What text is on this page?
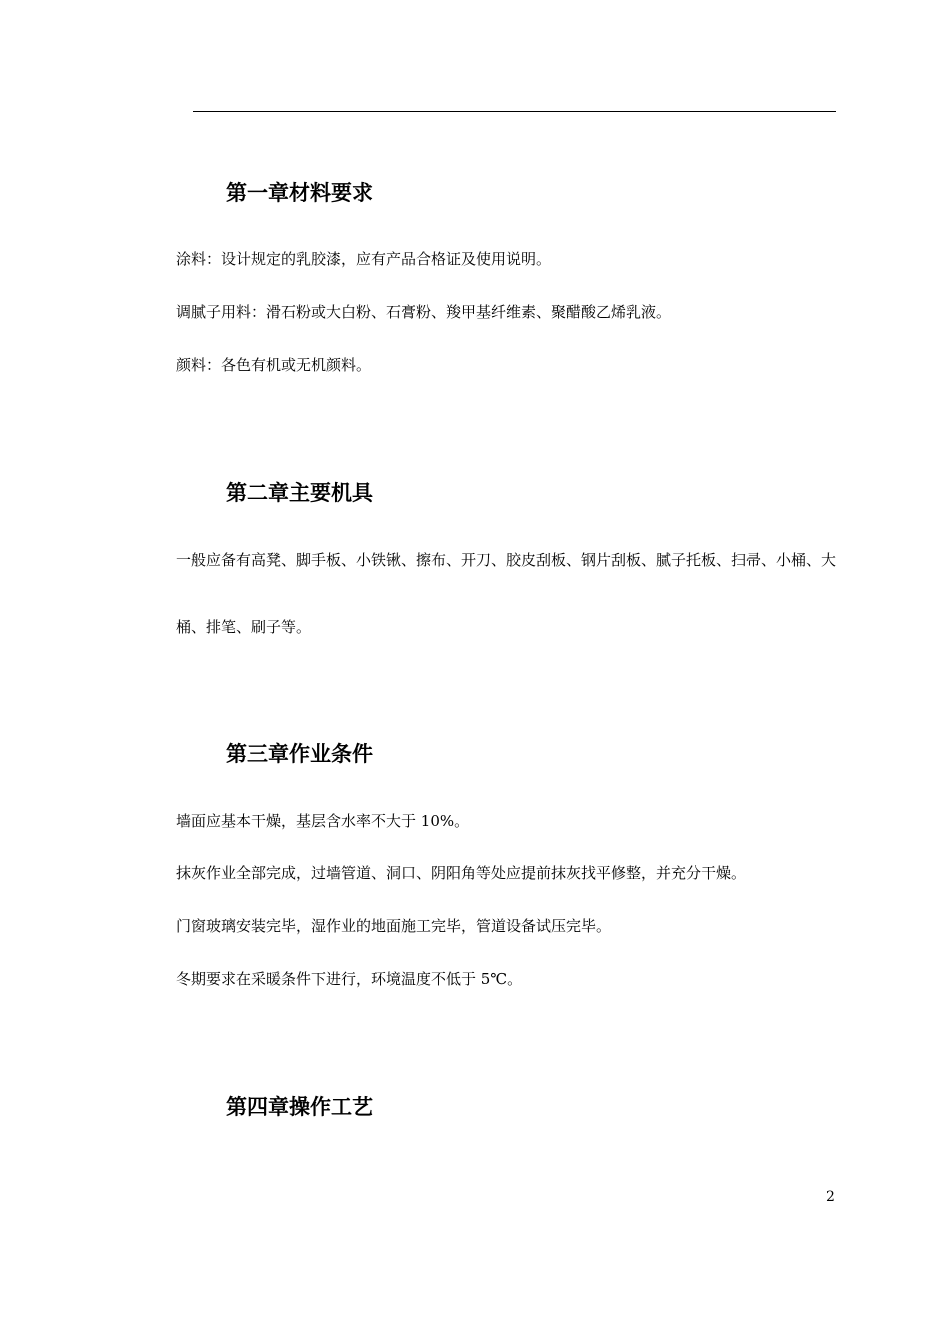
第一章材料要求

涂料：设计规定的乳胶漆，应有产品合格证及使用说明。

调腻子用料：滑石粉或大白粉、石膏粉、羧甲基纤维素、聚醋酸乙烯乳液。

颜料：各色有机或无机颜料。

第二章主要机具

一般应备有高凳、脚手板、小铁锹、擦布、开刀、胶皮刮板、钢片刮板、腻子托板、扫帚、小桶、大

桶、排笔、刷子等。

第三章作业条件

墙面应基本干燥，基层含水率不大于 10%。

抹灰作业全部完成，过墙管道、洞口、阴阳角等处应提前抹灰找平修整，并充分干燥。

门窗玻璃安装完毕，湿作业的地面施工完毕，管道设备试压完毕。

冬期要求在采暖条件下进行，环境温度不低于 5℃。

第四章操作工艺
2
